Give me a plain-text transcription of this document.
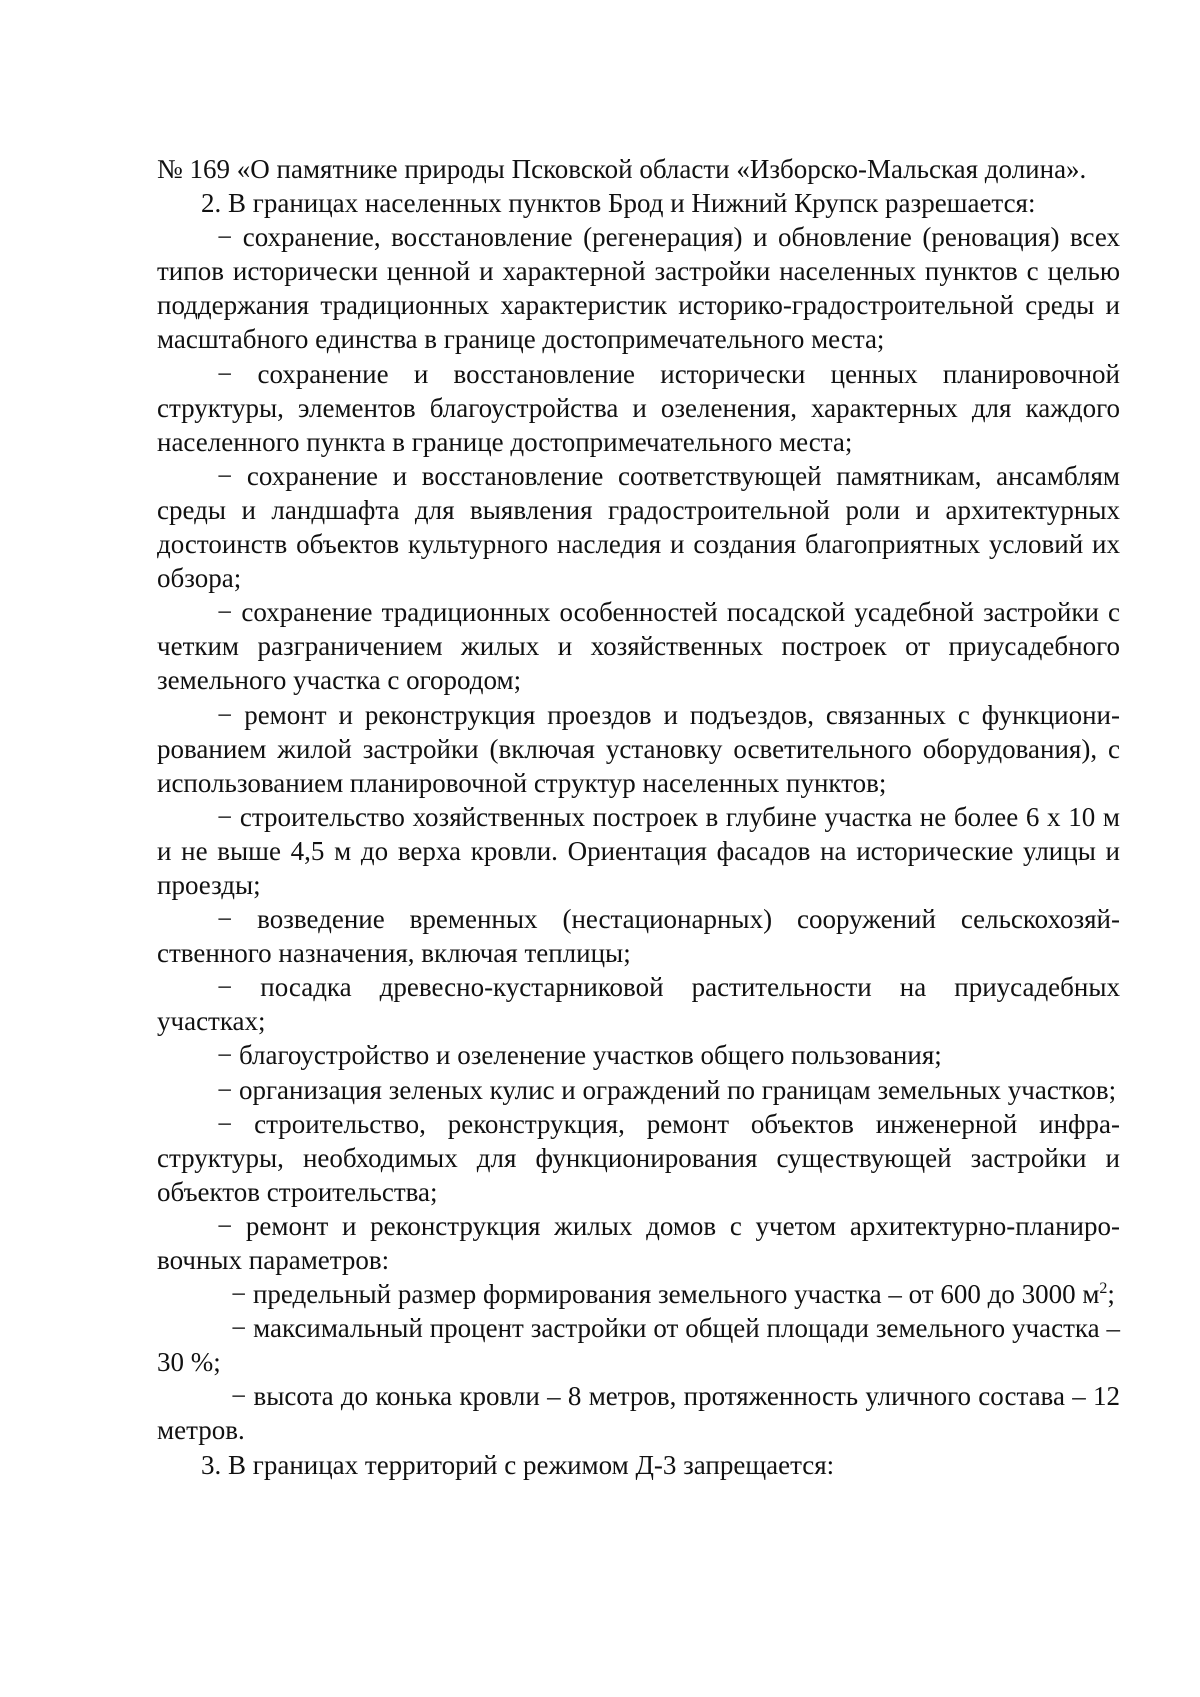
№ 169 «О памятнике природы Псковской области «Изборско-Мальская долина».

2. В границах населенных пунктов Брод и Нижний Крупск разрешается:

− сохранение, восстановление (регенерация) и обновление (реновация) всех типов исторически ценной и характерной застройки населенных пунктов с целью поддержания традиционных характеристик историко-градостроительной среды и масштабного единства в границе достопримечательного места;

− сохранение и восстановление исторически ценных планировочной структуры, элементов благоустройства и озеленения, характерных для каждого населенного пункта в границе достопримечательного места;

− сохранение и восстановление соответствующей памятникам, ансамблям среды и ландшафта для выявления градостроительной роли и архитектурных достоинств объектов культурного наследия и создания благоприятных условий их обзора;

− сохранение традиционных особенностей посадской усадебной застройки с четким разграничением жилых и хозяйственных построек от приусадебного земельного участка с огородом;

− ремонт и реконструкция проездов и подъездов, связанных с функционированием жилой застройки (включая установку осветительного оборудования), с использованием планировочной структур населенных пунктов;

− строительство хозяйственных построек в глубине участка не более 6 х 10 м и не выше 4,5 м до верха кровли. Ориентация фасадов на исторические улицы и проезды;

− возведение временных (нестационарных) сооружений сельскохозяйственного назначения, включая теплицы;

− посадка древесно-кустарниковой растительности на приусадебных участках;

− благоустройство и озеленение участков общего пользования;

− организация зеленых кулис и ограждений по границам земельных участков;

− строительство, реконструкция, ремонт объектов инженерной инфраструктуры, необходимых для функционирования существующей застройки и объектов строительства;

− ремонт и реконструкция жилых домов с учетом архитектурно-планировочных параметров:

− предельный размер формирования земельного участка – от 600 до 3000 $м^2$;

− максимальный процент застройки от общей площади земельного участка – 30 %;

− высота до конька кровли – 8 метров, протяженность уличного состава – 12 метров.

3. В границах территорий с режимом Д-3 запрещается:
